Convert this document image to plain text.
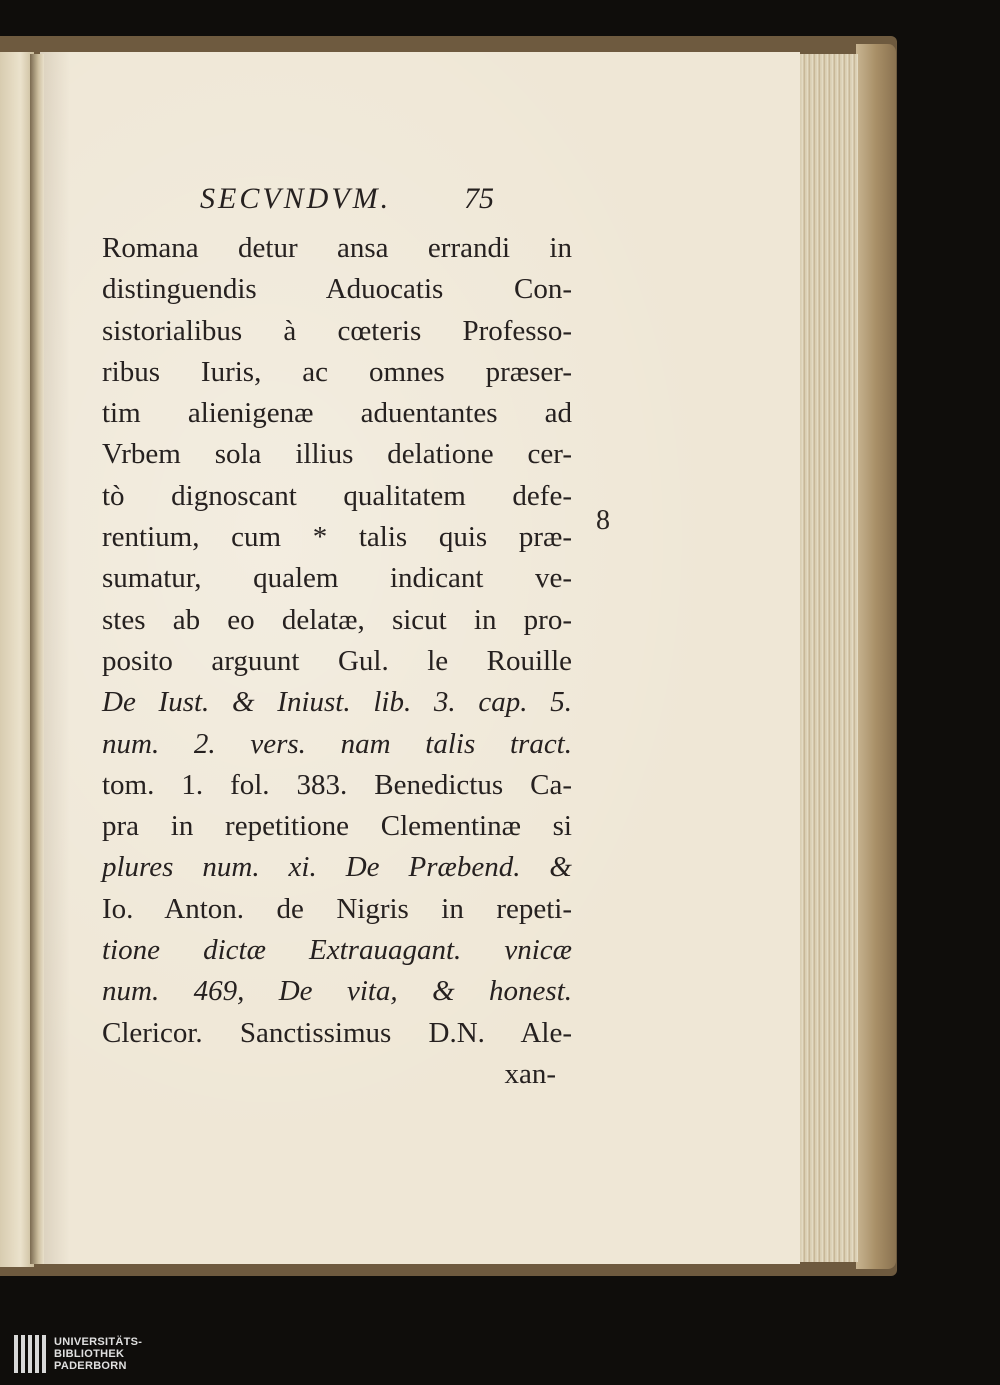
SECVNDVM. 75
Romana detur ansa errandi in
distinguendis Aduocatis Con-
sistorialibus à cœteris Professo-
ribus Iuris, ac omnes præser-
tim alienigenæ aduentantes ad
Vrbem sola illius delatione cer-
tò dignoscant qualitatem defe-
rentium, cum * talis quis præ-
sumatur, qualem indicant ve-
stes ab eo delatæ, sicut in pro-
posito arguunt Gul. le Rouille
De Iust. & Iniust. lib. 3. cap. 5.
num. 2. vers. nam talis tract.
tom. 1. fol. 383. Benedictus Ca-
pra in repetitione Clementinæ si
plures num. xi. De Præbend. &
Io. Anton. de Nigris in repeti-
tione dictæ Extrauagant. vnicæ
num. 469, De vita, & honest.
Clericor. Sanctissimus D.N. Ale-
xan-
8
UNIVERSITÄTS-
BIBLIOTHEK
PADERBORN
